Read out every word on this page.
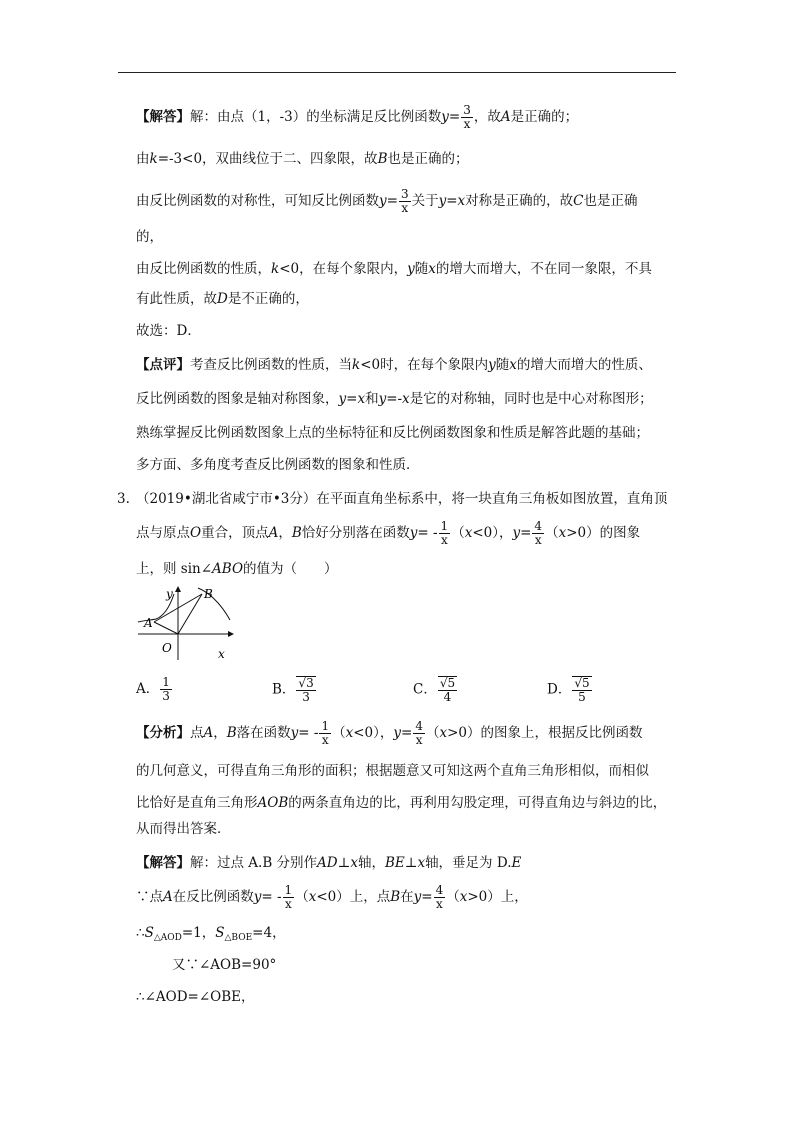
【解答】解：由点（1，-3）的坐标满足反比例函数$y= \frac{3}{x}$ ，故A是正确的；
由k=-3<0，双曲线位于二、四象限，故B也是正确的；
由反比例函数的对称性，可知反比例函数$y= \frac{3}{x}$ 关于y=x对称是正确的，故C也是正确
的，
由反比例函数的性质，k<0，在每个象限内，y随x的增大而增大，不在同一象限，不具
有此性质，故D是不正确的，
故选：D．
【点评】考查反比例函数的性质，当k<0时，在每个象限内y随x的增大而增大的性质、
反比例函数的图象是轴对称图象，y=x和y=-x是它的对称轴，同时也是中心对称图形；
熟练掌握反比例函数图象上点的坐标特征和反比例函数图象和性质是解答此题的基础；
多方面、多角度考查反比例函数的图象和性质．
3. （2019•湖北省咸宁市•3分）在平面直角坐标系中，将一块直角三角板如图放置，直角顶
点与原点O重合，顶点A，B恰好分别落在函数$y= - \frac{1}{x} (x<0)$，$y= \frac{4}{x} (x>0)$的图象
上，则 sin∠ABO的值为（　　）
A
B
O	x
y
A． $\frac{1}{3}$	B． $\frac{√3}{3}$	C． $\frac{√5}{4}$	D． $\frac{√5}{5}$
【分析】点A，B落在函数$y= - \frac{1}{x} (x<0)$，$y= \frac{4}{x} (x>0)$的图象上，根据反比例函数
的几何意义，可得直角三角形的面积；根据题意又可知这两个直角三角形相似，而相似
比恰好是直角三角形AOB的两条直角边的比，再利用勾股定理，可得直角边与斜边的比，
从而得出答案．
【解答】解：过点 A.B 分别作AD⊥x轴，BE⊥x轴，垂足为 D.E
∵点A在反比例函数$y= - \frac{1}{x} (x<0)$上，点B在$y= \frac{4}{x} (x>0)$上，
$\therefore S_{\triangle AOD}=1$，$S_{\triangle BOE}=4$，
又∵∠AOB=90°
∴∠AOD=∠OBE，
